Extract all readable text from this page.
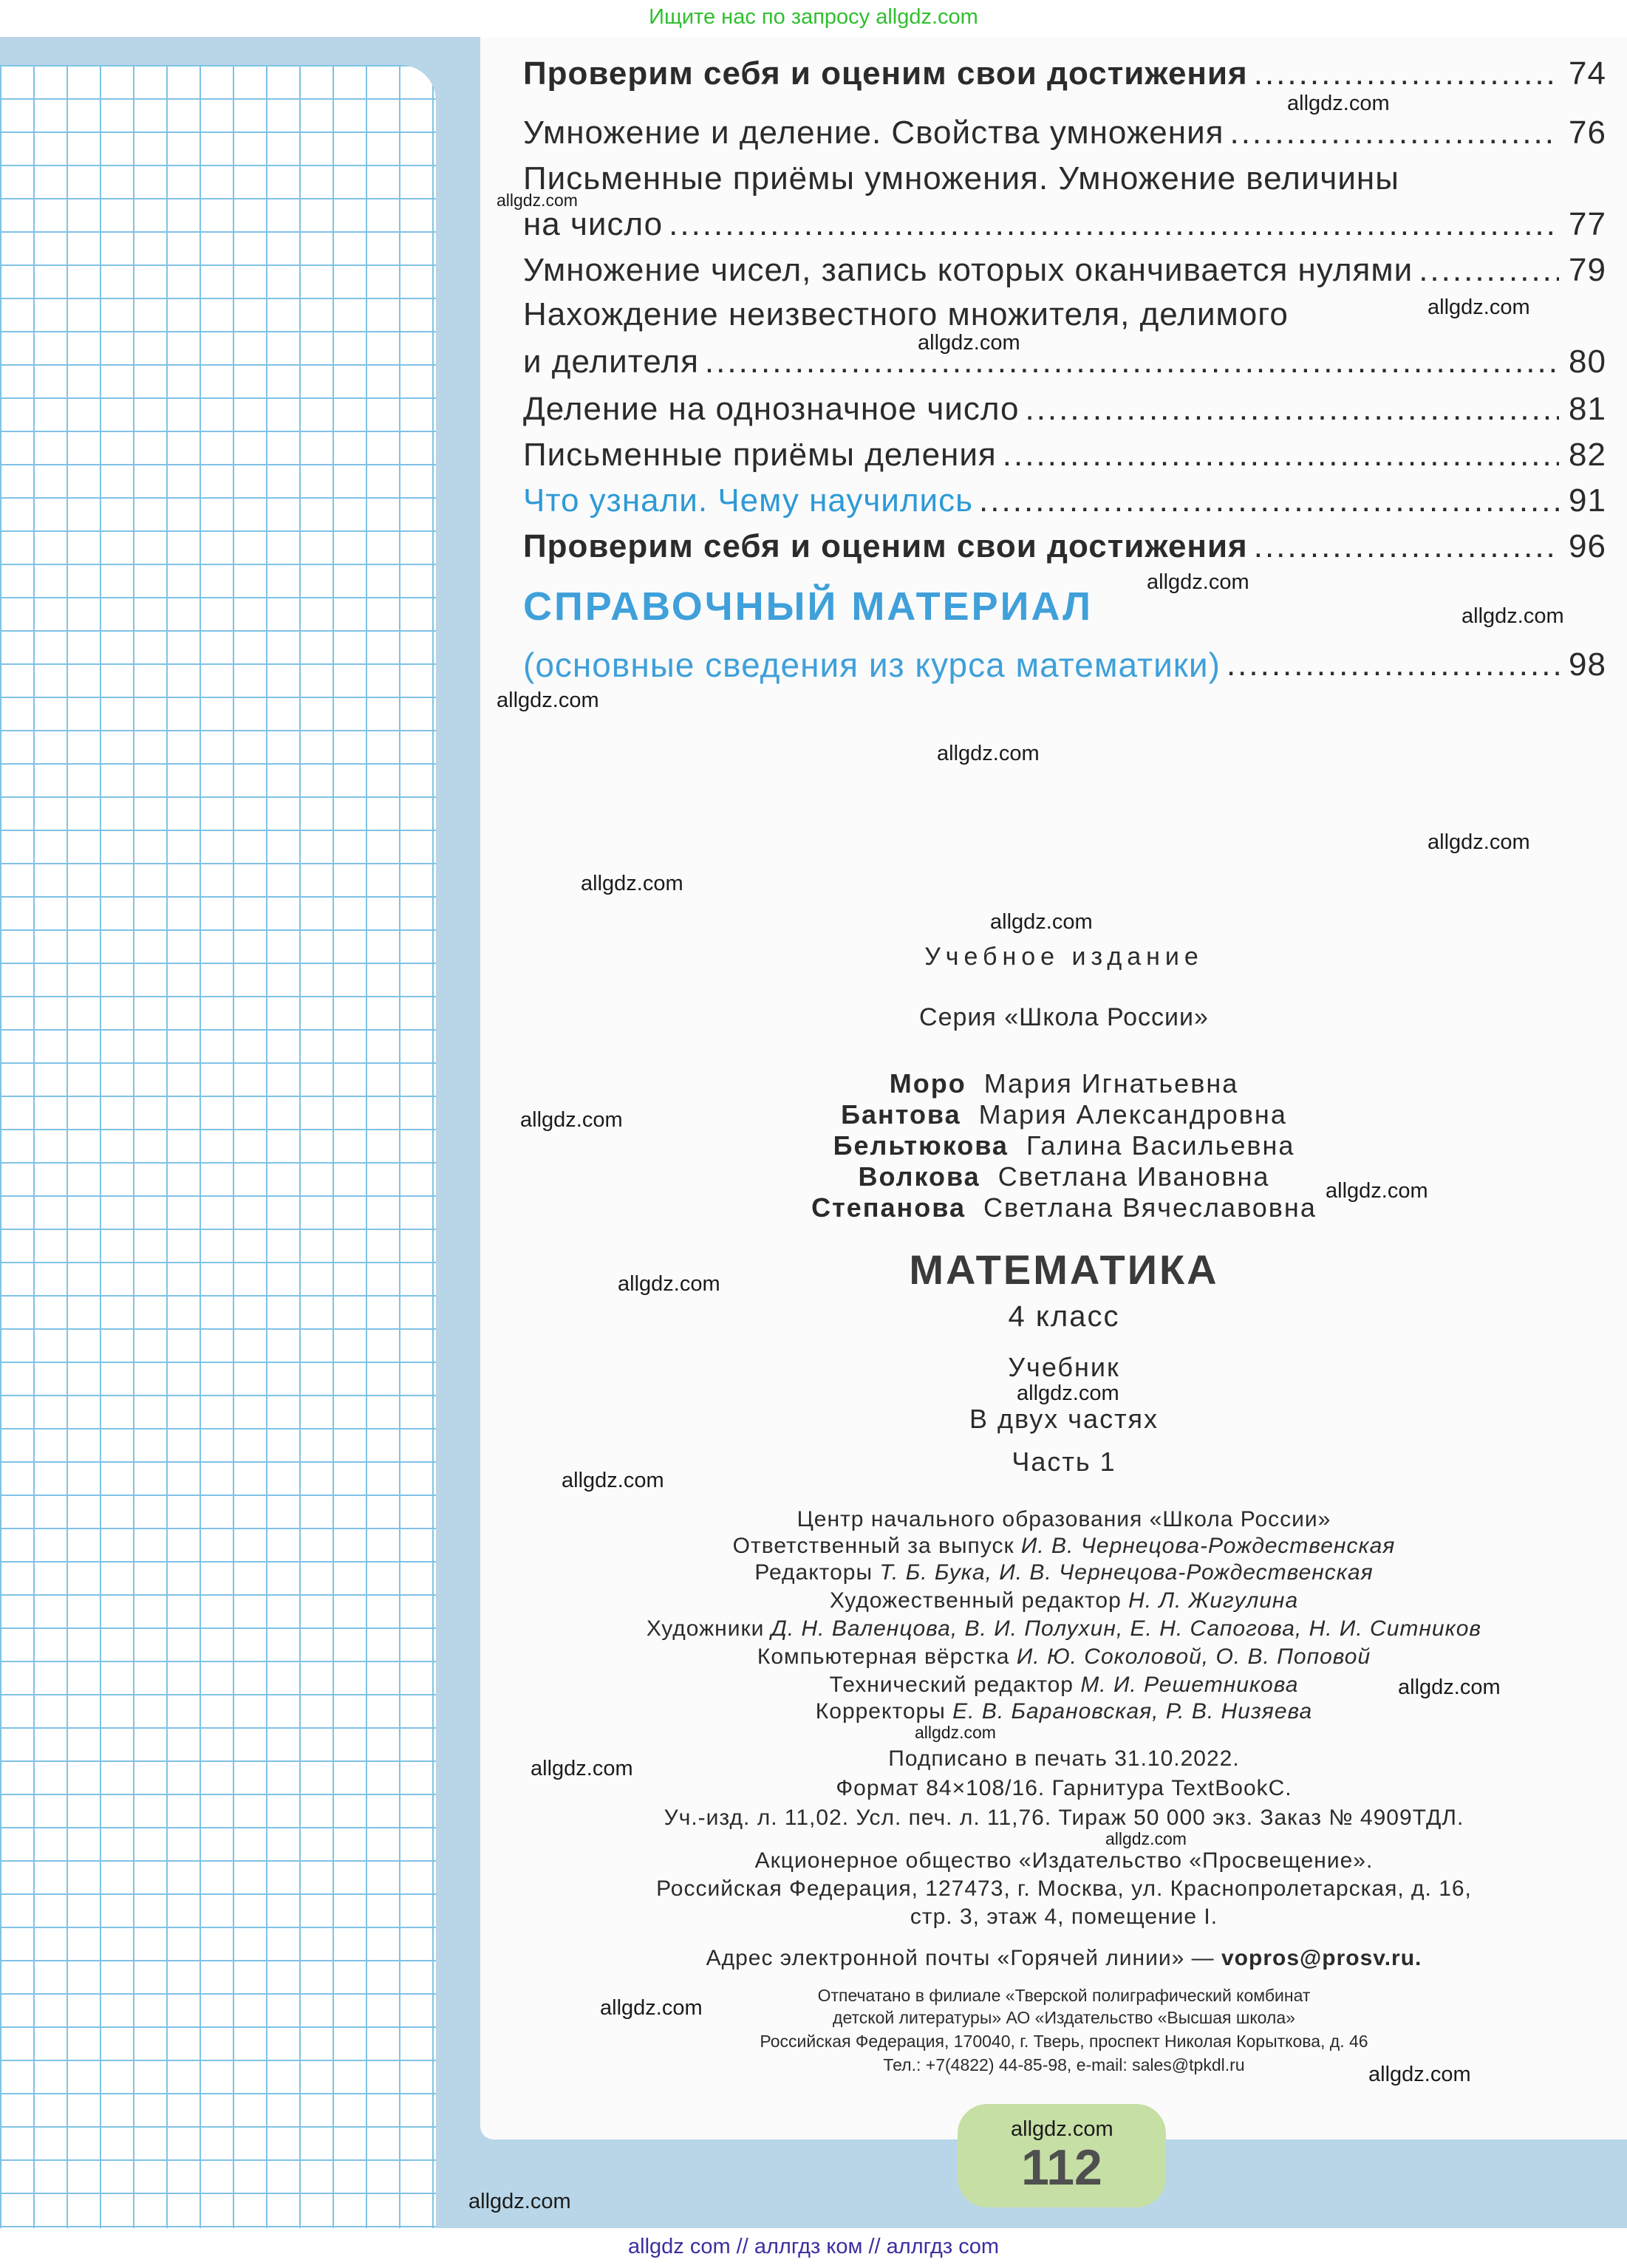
Ищите нас по запросу allgdz.com
Проверим себя и оценим свои достижения .....	74
Умножение и деление. Свойства умножения .....	76
Письменные приёмы умножения. Умножение величины
на число .....	77
Умножение чисел, запись которых оканчивается нулями .....	79
Нахождение неизвестного множителя, делимого
и делителя .....	80
Деление на однозначное число .....	81
Письменные приёмы деления .....	82
Что узнали. Чему научились .....	91
Проверим себя и оценим свои достижения .....	96
СПРАВОЧНЫЙ МАТЕРИАЛ
(основные сведения из курса математики) .....	98
Учебное издание
Серия «Школа России»
Моро Мария Игнатьевна
Бантова Мария Александровна
Бельтюкова Галина Васильевна
Волкова Светлана Ивановна
Степанова Светлана Вячеславовна
МАТЕМАТИКА
4 класс
Учебник
В двух частях
Часть 1
Центр начального образования «Школа России»
Ответственный за выпуск И. В. Чернецова-Рождественская
Редакторы Т. Б. Бука, И. В. Чернецова-Рождественская
Художественный редактор Н. Л. Жигулина
Художники Д. Н. Валенцова, В. И. Полухин, Е. Н. Сапогова, Н. И. Ситников
Компьютерная вёрстка И. Ю. Соколовой, О. В. Поповой
Технический редактор М. И. Решетникова
Корректоры Е. В. Барановская, Р. В. Низяева
Подписано в печать 31.10.2022.
Формат 84×108/16. Гарнитура TextBookC.
Уч.-изд. л. 11,02. Усл. печ. л. 11,76. Тираж 50 000 экз. Заказ № 4909ТДЛ.
Акционерное общество «Издательство «Просвещение».
Российская Федерация, 127473, г. Москва, ул. Краснопролетарская, д. 16,
стр. 3, этаж 4, помещение I.
Адрес электронной почты «Горячей линии» — vopros@prosv.ru.
Отпечатано в филиале «Тверской полиграфический комбинат
детской литературы» АО «Издательство «Высшая школа»
Российская Федерация, 170040, г. Тверь, проспект Николая Корыткова, д. 46
Тел.: +7(4822) 44-85-98, e-mail: sales@tpkdl.ru
112
allgdz.com
allgdz.com
allgdz.com
allgdz.com
allgdz.com
allgdz.com
allgdz.com
allgdz.com
allgdz.com
allgdz.com
allgdz.com
allgdz.com
allgdz.com
allgdz.com
allgdz.com
allgdz.com
allgdz.com
allgdz.com
allgdz.com
allgdz.com
allgdz.com
allgdz.com
allgdz.com
allgdz.com
allgdz com // аллгдз ком // аллгдз com
